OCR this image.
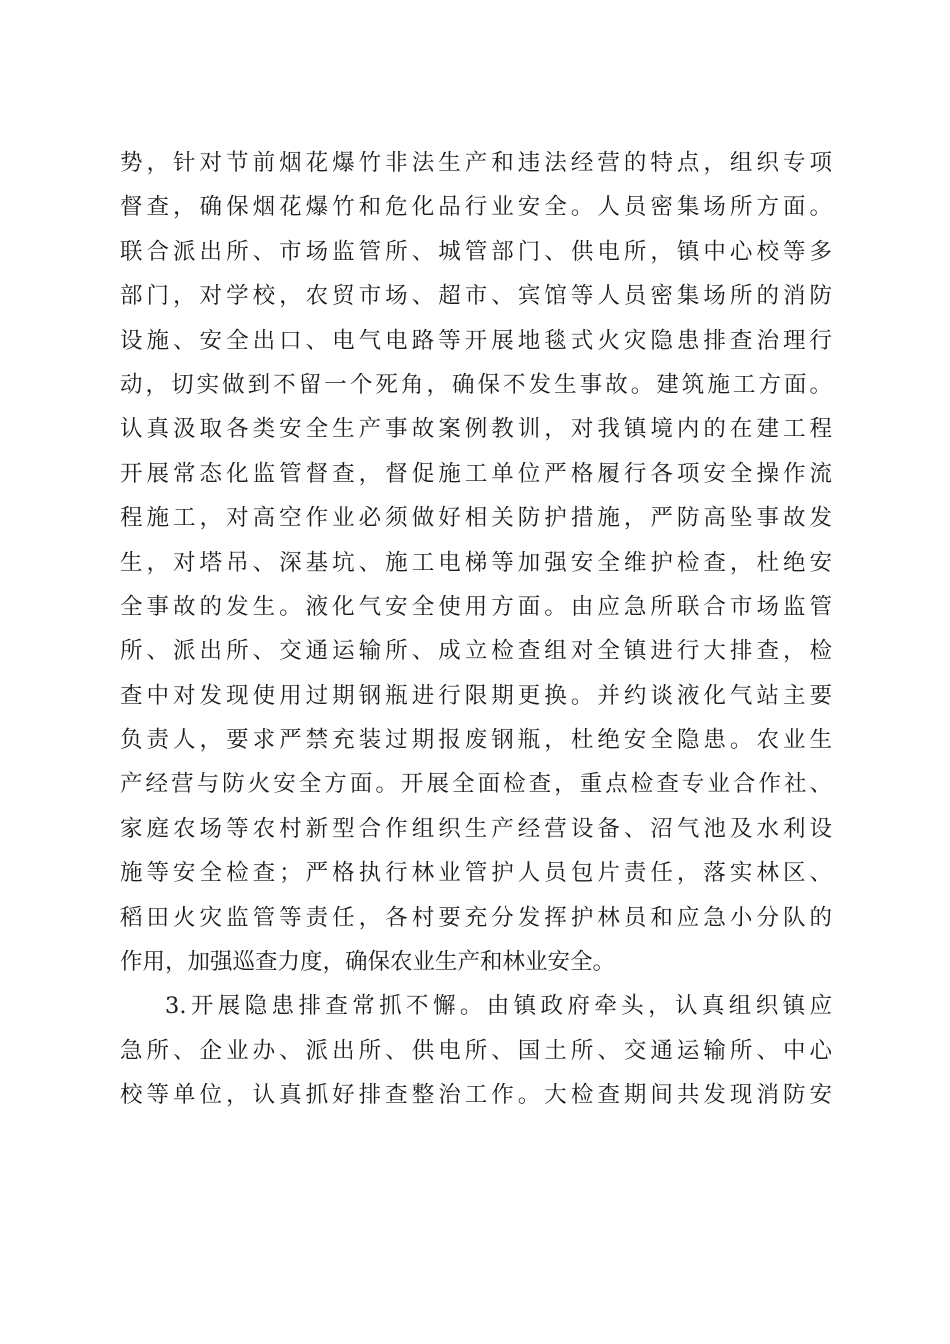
势，针对节前烟花爆竹非法生产和违法经营的特点，组织专项
督查，确保烟花爆竹和危化品行业安全。人员密集场所方面。
联合派出所、市场监管所、城管部门、供电所，镇中心校等多
部门，对学校，农贸市场、超市、宾馆等人员密集场所的消防
设施、安全出口、电气电路等开展地毯式火灾隐患排查治理行
动，切实做到不留一个死角，确保不发生事故。建筑施工方面。
认真汲取各类安全生产事故案例教训，对我镇境内的在建工程
开展常态化监管督查，督促施工单位严格履行各项安全操作流
程施工，对高空作业必须做好相关防护措施，严防高坠事故发
生，对塔吊、深基坑、施工电梯等加强安全维护检查，杜绝安
全事故的发生。液化气安全使用方面。由应急所联合市场监管
所、派出所、交通运输所、成立检查组对全镇进行大排查，检
查中对发现使用过期钢瓶进行限期更换。并约谈液化气站主要
负责人，要求严禁充装过期报废钢瓶，杜绝安全隐患。农业生
产经营与防火安全方面。开展全面检查，重点检查专业合作社、
家庭农场等农村新型合作组织生产经营设备、沼气池及水利设
施等安全检查；严格执行林业管护人员包片责任，落实林区、
稻田火灾监管等责任，各村要充分发挥护林员和应急小分队的
作用，加强巡查力度，确保农业生产和林业安全。
3.开展隐患排查常抓不懈。由镇政府牵头，认真组织镇应
急所、企业办、派出所、供电所、国土所、交通运输所、中心
校等单位，认真抓好排查整治工作。大检查期间共发现消防安
